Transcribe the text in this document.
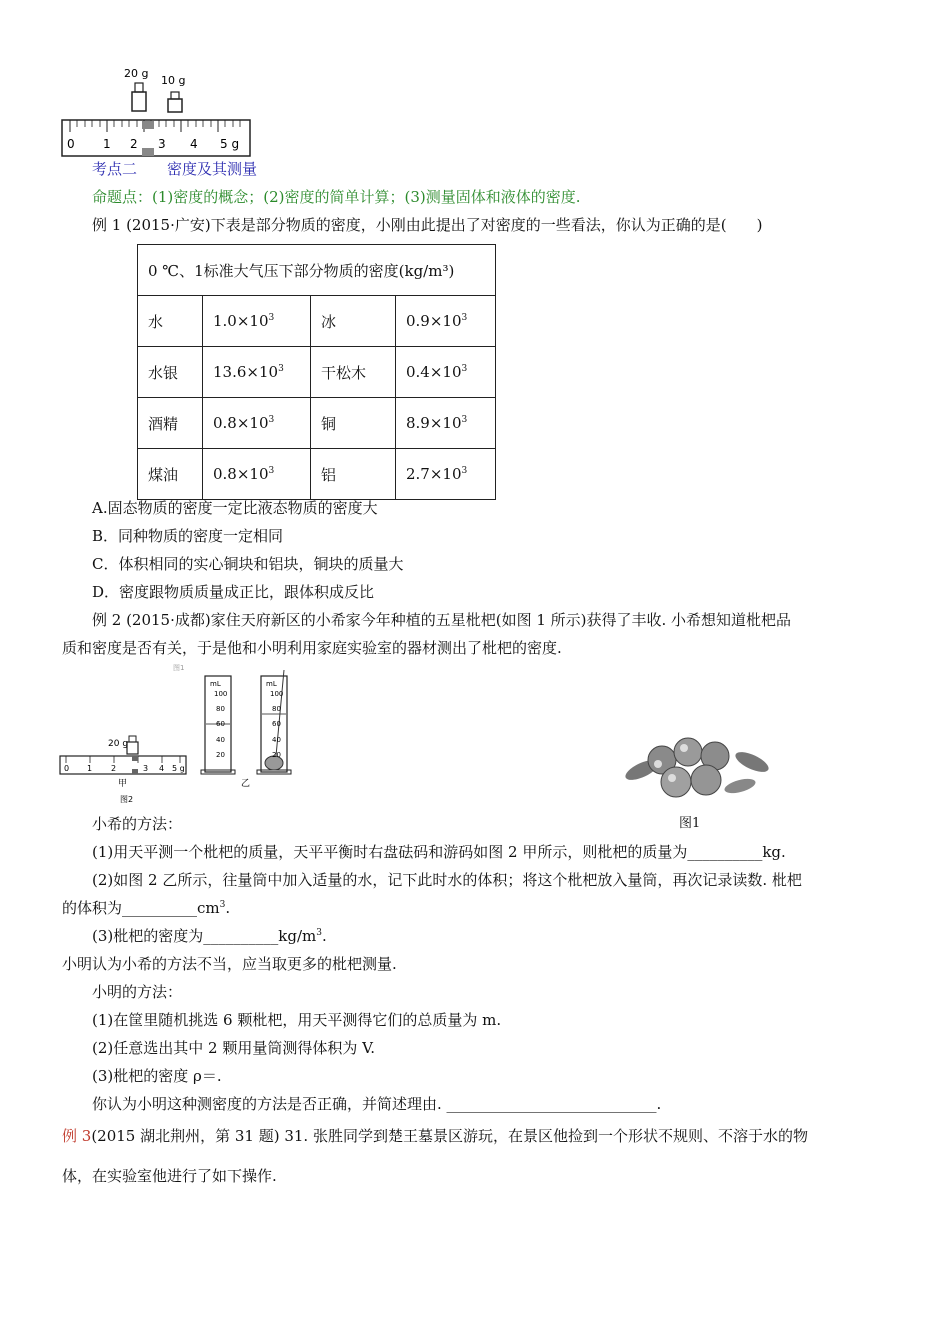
20 g
10 g
0 1 2 3 4 5 g
考点二　　密度及其测量
命题点：(1)密度的概念；(2)密度的简单计算；(3)测量固体和液体的密度.
例 1 (2015·广安)下表是部分物质的密度，小刚由此提出了对密度的一些看法，你认为正确的是(　　)
0 ℃、1标准大气压下部分物质的密度(kg/m³)			
水	$1.0\times 10^3$	冰	$0.9\times 10^3$
水银	$13.6\times 10^3$	干松木	$0.4\times 10^3$
酒精	$0.8\times 10^3$	铜	$8.9\times 10^3$
煤油	$0.8\times 10^3$	铝	$2.7\times 10^3$
A.固态物质的密度一定比液态物质的密度大
B．同种物质的密度一定相同
C．体积相同的实心铜块和铝块，铜块的质量大
D．密度跟物质质量成正比，跟体积成反比
例 2 (2015·成都)家住天府新区的小希家今年种植的五星枇杷(如图 1 所示)获得了丰收. 小希想知道枇杷品
质和密度是否有关，于是他和小明利用家庭实验室的器材测出了枇杷的密度.
图1
20 g
0 1 2	3 4 5 g
甲
图2
mL
100
80
60
40
20
mL
100
80
60
40
20
乙
图1
小希的方法：
(1)用天平测一个枇杷的质量，天平平衡时右盘砝码和游码如图 2 甲所示，则枇杷的质量为__________kg.
(2)如图 2 乙所示，往量筒中加入适量的水，记下此时水的体积；将这个枇杷放入量筒，再次记录读数. 枇杷
的体积为$\_\_\_\_\_\_\_\_\_\_cm^3$.
(3)枇杷的密度为$\_\_\_\_\_\_\_\_\_\_kg/m^3$.
小明认为小希的方法不当，应当取更多的枇杷测量.
小明的方法：
(1)在筐里随机挑选 6 颗枇杷，用天平测得它们的总质量为 m.
(2)任意选出其中 2 颗用量筒测得体积为 V.
(3)枇杷的密度 ρ＝.
你认为小明这种测密度的方法是否正确，并简述理由. ____________________________.
例 3(2015 湖北荆州，第 31 题) 31. 张胜同学到楚王墓景区游玩，在景区他捡到一个形状不规则、不溶于水的物
体，在实验室他进行了如下操作.
